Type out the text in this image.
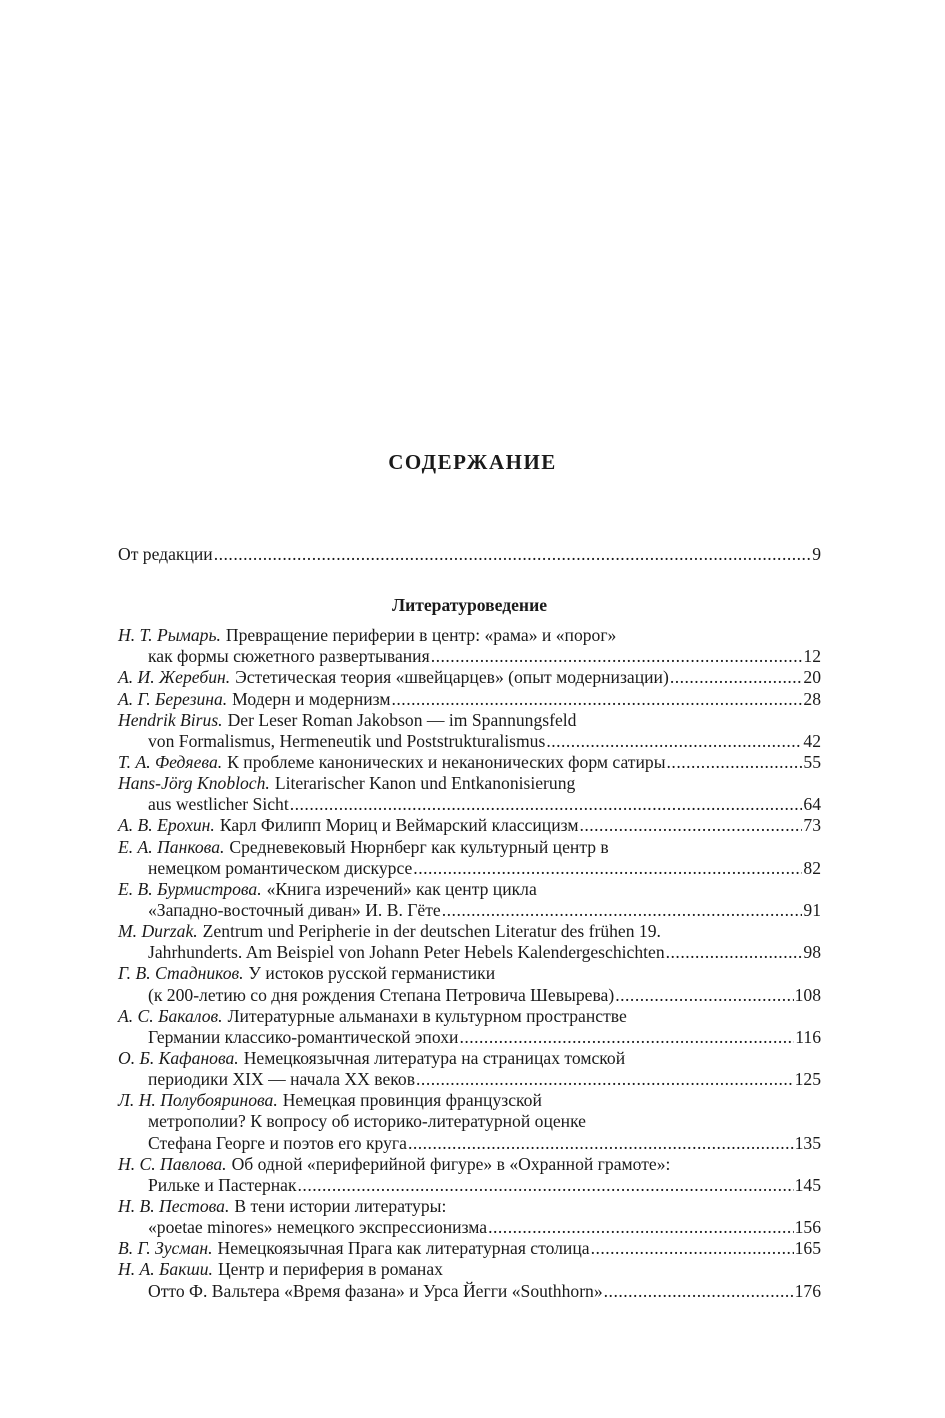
СОДЕРЖАНИЕ
От редакции .....	9
Литературоведение
Н. Т. Рымарь. Превращение периферии в центр: «рама» и «порог»
как формы сюжетного развертывания .....	12
А. И. Жеребин. Эстетическая теория «швейцарцев» (опыт модернизации) .....	20
А. Г. Березина. Модерн и модернизм .....	28
Hendrik Birus. Der Leser Roman Jakobson — im Spannungsfeld
von Formalismus, Hermeneutik und Poststrukturalismus .....	42
Т. А. Федяева. К проблеме канонических и неканонических форм сатиры .....	55
Hans-Jörg Knobloch. Literarischer Kanon und Entkanonisierung
aus westlicher Sicht .....	64
А. В. Ерохин. Карл Филипп Мориц и Веймарский классицизм .....	73
Е. А. Панкова. Средневековый Нюрнберг как культурный центр в
немецком романтическом дискурсе .....	82
Е. В. Бурмистрова. «Книга изречений» как центр цикла
«Западно-восточный диван» И. В. Гёте .....	91
M. Durzak. Zentrum und Peripherie in der deutschen Literatur des frühen 19.
Jahrhunderts. Am Beispiel von Johann Peter Hebels Kalendergeschichten .....	98
Г. В. Стадников. У истоков русской германистики
(к 200-летию со дня рождения Степана Петровича Шевырева) .....	108
А. С. Бакалов. Литературные альманахи в культурном пространстве
Германии классико-романтической эпохи .....	116
О. Б. Кафанова. Немецкоязычная литература на страницах томской
периодики XIX — начала XX веков .....	125
Л. Н. Полубояринова. Немецкая провинция французской
метрополии? К вопросу об историко-литературной оценке
Стефана Георге и поэтов его круга .....	135
Н. С. Павлова. Об одной «периферийной фигуре» в «Охранной грамоте»:
Рильке и Пастернак .....	145
Н. В. Пестова. В тени истории литературы:
«poetae minores» немецкого экспрессионизма .....	156
В. Г. Зусман. Немецкоязычная Прага как литературная столица .....	165
Н. А. Бакши. Центр и периферия в романах
Отто Ф. Вальтера «Время фазана» и Урса Йегги «Southhorn» .....	176
